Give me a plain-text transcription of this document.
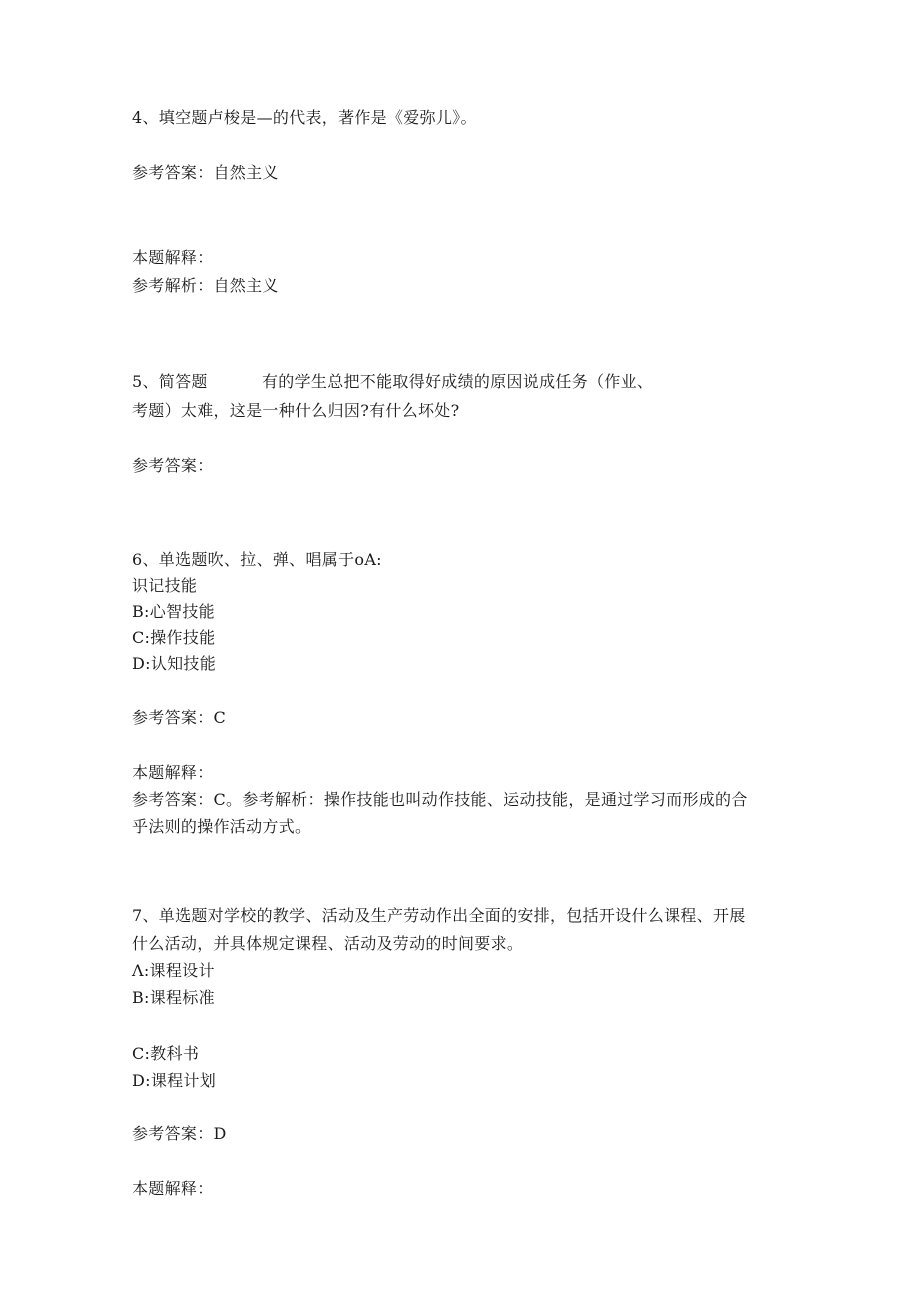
4、填空题卢梭是—的代表，著作是《爱弥儿》。
参考答案：自然主义
本题解释：
参考解析：自然主义
5、简答题	有的学生总把不能取得好成绩的原因说成任务（作业、
考题）太难，这是一种什么归因?有什么坏处?
参考答案：
6、单选题吹、拉、弹、唱属于oA:
识记技能
B:心智技能
C:操作技能
D:认知技能
参考答案：C
本题解释：
参考答案：C。参考解析：操作技能也叫动作技能、运动技能，是通过学习而形成的合
乎法则的操作活动方式。
7、单选题对学校的教学、活动及生产劳动作出全面的安排，包括开设什么课程、开展
什么活动，并具体规定课程、活动及劳动的时间要求。
Λ:课程设计
B:课程标准
C:教科书
D:课程计划
参考答案：D
本题解释：
